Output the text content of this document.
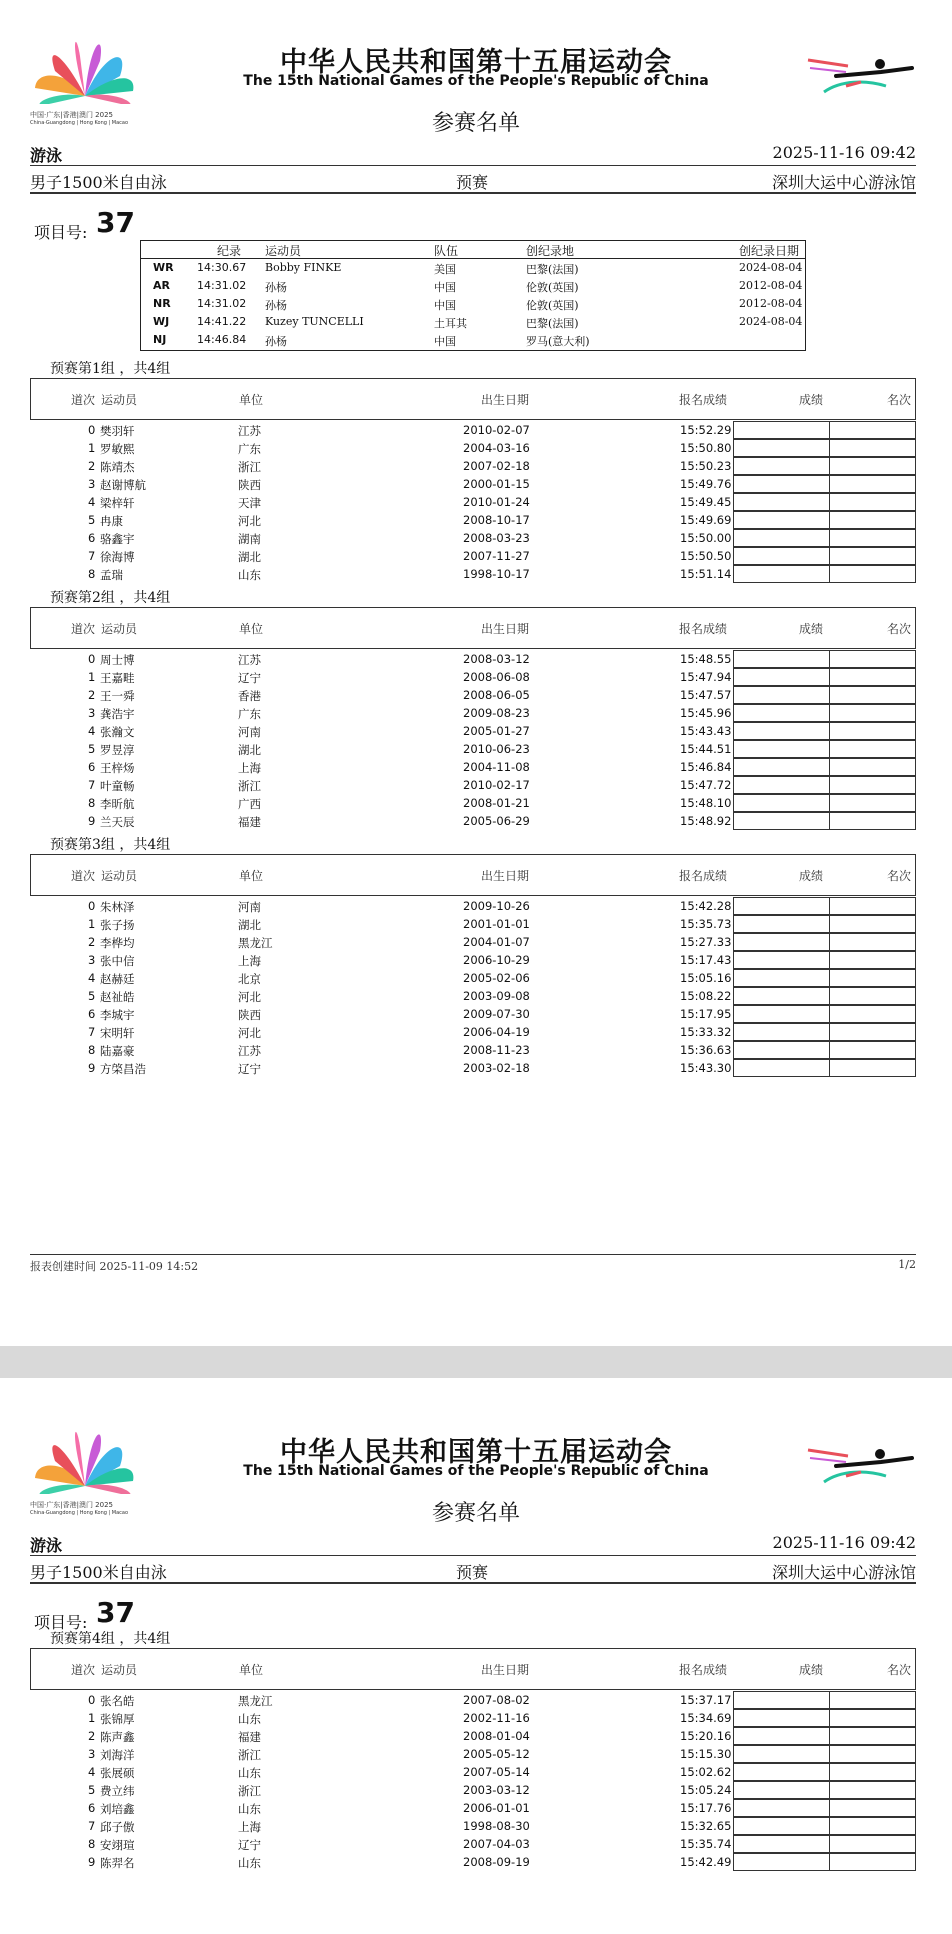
中国·广东|香港|澳门 2025
China·Guangdong | Hong Kong | Macao
中华人民共和国第十五届运动会
The 15th National Games of the People's Republic of China
参赛名单
游泳	2025-11-16 09:42
男子1500米自由泳	预赛	深圳大运中心游泳馆
项目号: 37
纪录 运动员	队伍	创纪录地	创纪录日期
WR 14:30.67 Bobby FINKE	美国	巴黎(法国)	2024-08-04
AR 14:31.02 孙杨	中国	伦敦(英国)	2012-08-04
NR 14:31.02 孙杨	中国	伦敦(英国)	2012-08-04
WJ	14:41.22 Kuzey TUNCELLI	土耳其	巴黎(法国)	2024-08-04
NJ	14:46.84 孙杨	中国	罗马(意大利)
预赛第1组 ，共4组
道次 运动员	单位	出生日期	报名成绩	成绩	名次
0 樊羽轩	江苏	2010-02-07	15:52.29
1 罗敏熙	广东	2004-03-16	15:50.80
2 陈靖杰	浙江	2007-02-18	15:50.23
3 赵谢博航	陕西	2000-01-15	15:49.76
4 梁梓轩	天津	2010-01-24	15:49.45
5 冉康	河北	2008-10-17	15:49.69
6 骆鑫宇	湖南	2008-03-23	15:50.00
7 徐海博	湖北	2007-11-27	15:50.50
8 孟瑞	山东	1998-10-17	15:51.14
预赛第2组 ，共4组
道次 运动员	单位	出生日期	报名成绩	成绩	名次
0 周士博	江苏	2008-03-12	15:48.55
1 王嘉畦	辽宁	2008-06-08	15:47.94
2 王一舜	香港	2008-06-05	15:47.57
3 龚浩宇	广东	2009-08-23	15:45.96
4 张瀚文	河南	2005-01-27	15:43.43
5 罗昱淳	湖北	2010-06-23	15:44.51
6 王梓炀	上海	2004-11-08	15:46.84
7 叶童畅	浙江	2010-02-17	15:47.72
8 李昕航	广西	2008-01-21	15:48.10
9 兰天辰	福建	2005-06-29	15:48.92
预赛第3组 ，共4组
道次 运动员	单位	出生日期	报名成绩	成绩	名次
0 朱林泽	河南	2009-10-26	15:42.28
1 张子扬	湖北	2001-01-01	15:35.73
2 李桦均	黑龙江	2004-01-07	15:27.33
3 张中信	上海	2006-10-29	15:17.43
4 赵赫廷	北京	2005-02-06	15:05.16
5 赵祉皓	河北	2003-09-08	15:08.22
6 李城宇	陕西	2009-07-30	15:17.95
7 宋明轩	河北	2006-04-19	15:33.32
8 陆嘉豪	江苏	2008-11-23	15:36.63
9 方棨昌浩	辽宁	2003-02-18	15:43.30
报表创建时间 2025-11-09 14:52	1/2
中国·广东|香港|澳门 2025
China·Guangdong | Hong Kong | Macao
中华人民共和国第十五届运动会
The 15th National Games of the People's Republic of China
参赛名单
游泳	2025-11-16 09:42
男子1500米自由泳	预赛	深圳大运中心游泳馆
项目号: 37
预赛第4组 ，共4组
道次 运动员	单位	出生日期	报名成绩	成绩	名次
0 张名皓	黑龙江	2007-08-02	15:37.17
1 张锦厚	山东	2002-11-16	15:34.69
2 陈声鑫	福建	2008-01-04	15:20.16
3 刘海洋	浙江	2005-05-12	15:15.30
4 张展硕	山东	2007-05-14	15:02.62
5 费立纬	浙江	2003-03-12	15:05.24
6 刘培鑫	山东	2006-01-01	15:17.76
7 邱子傲	上海	1998-08-30	15:32.65
8 安翊瑄	辽宁	2007-04-03	15:35.74
9 陈羿名	山东	2008-09-19	15:42.49
